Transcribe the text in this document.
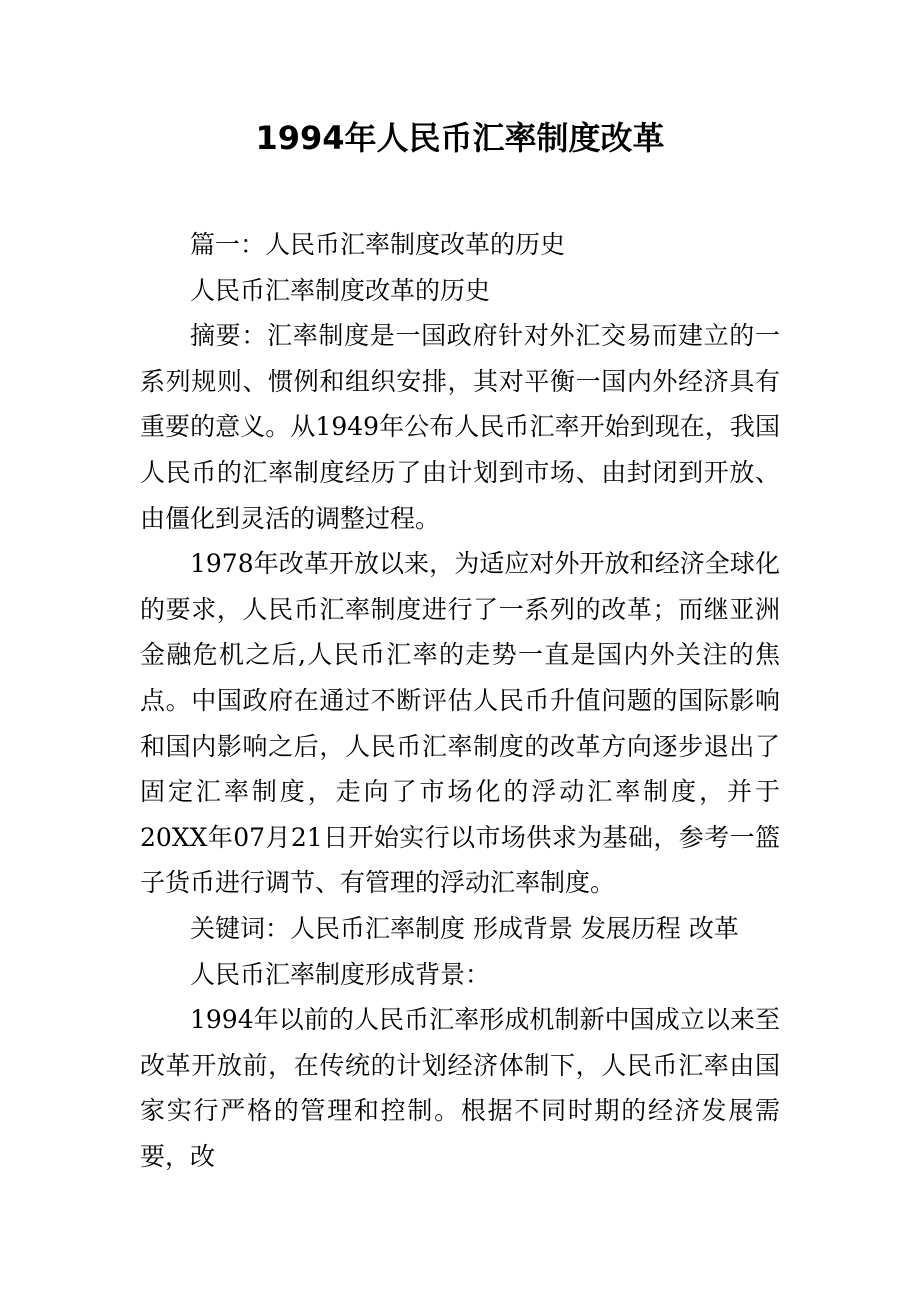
1994年人民币汇率制度改革

篇一：人民币汇率制度改革的历史

人民币汇率制度改革的历史

摘要：汇率制度是一国政府针对外汇交易而建立的一系列规则、惯例和组织安排，其对平衡一国内外经济具有重要的意义。从1949年公布人民币汇率开始到现在，我国人民币的汇率制度经历了由计划到市场、由封闭到开放、由僵化到灵活的调整过程。

1978年改革开放以来，为适应对外开放和经济全球化的要求，人民币汇率制度进行了一系列的改革；而继亚洲金融危机之后,人民币汇率的走势一直是国内外关注的焦点。中国政府在通过不断评估人民币升值问题的国际影响和国内影响之后，人民币汇率制度的改革方向逐步退出了固定汇率制度，走向了市场化的浮动汇率制度，并于20XX年07月21日开始实行以市场供求为基础，参考一篮子货币进行调节、有管理的浮动汇率制度。

关键词：人民币汇率制度 形成背景 发展历程 改革

人民币汇率制度形成背景：

1994年以前的人民币汇率形成机制新中国成立以来至改革开放前，在传统的计划经济体制下，人民币汇率由国家实行严格的管理和控制。根据不同时期的经济发展需要，改
